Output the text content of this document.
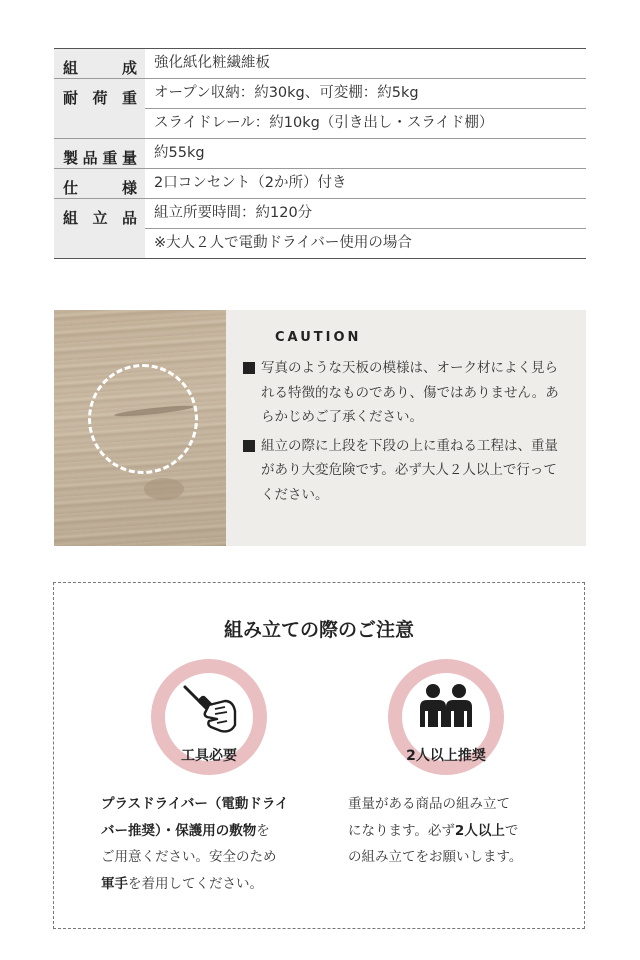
組成	強化紙化粧繊維板
耐荷重	オープン収納：約30kg、可変棚：約5kg
スライドレール：約10kg（引き出し・スライド棚）
製品重量	約55kg
仕様	2口コンセント（2か所）付き
組立品	組立所要時間：約120分
※大人２人で電動ドライバー使用の場合
CAUTION
写真のような天板の模様は、オーク材によく見られる特徴的なものであり、傷ではありません。あらかじめご了承ください。
組立の際に上段を下段の上に重ねる工程は、重量があり大変危険です。必ず大人２人以上で行ってください。
組み立ての際のご注意
工具必要	2人以上推奨
プラスドライバー（電動ドライ
バー推奨）・保護用の敷物を
ご用意ください。安全のため
軍手を着用してください。
重量がある商品の組み立て
になります。必ず2人以上で
の組み立てをお願いします。
